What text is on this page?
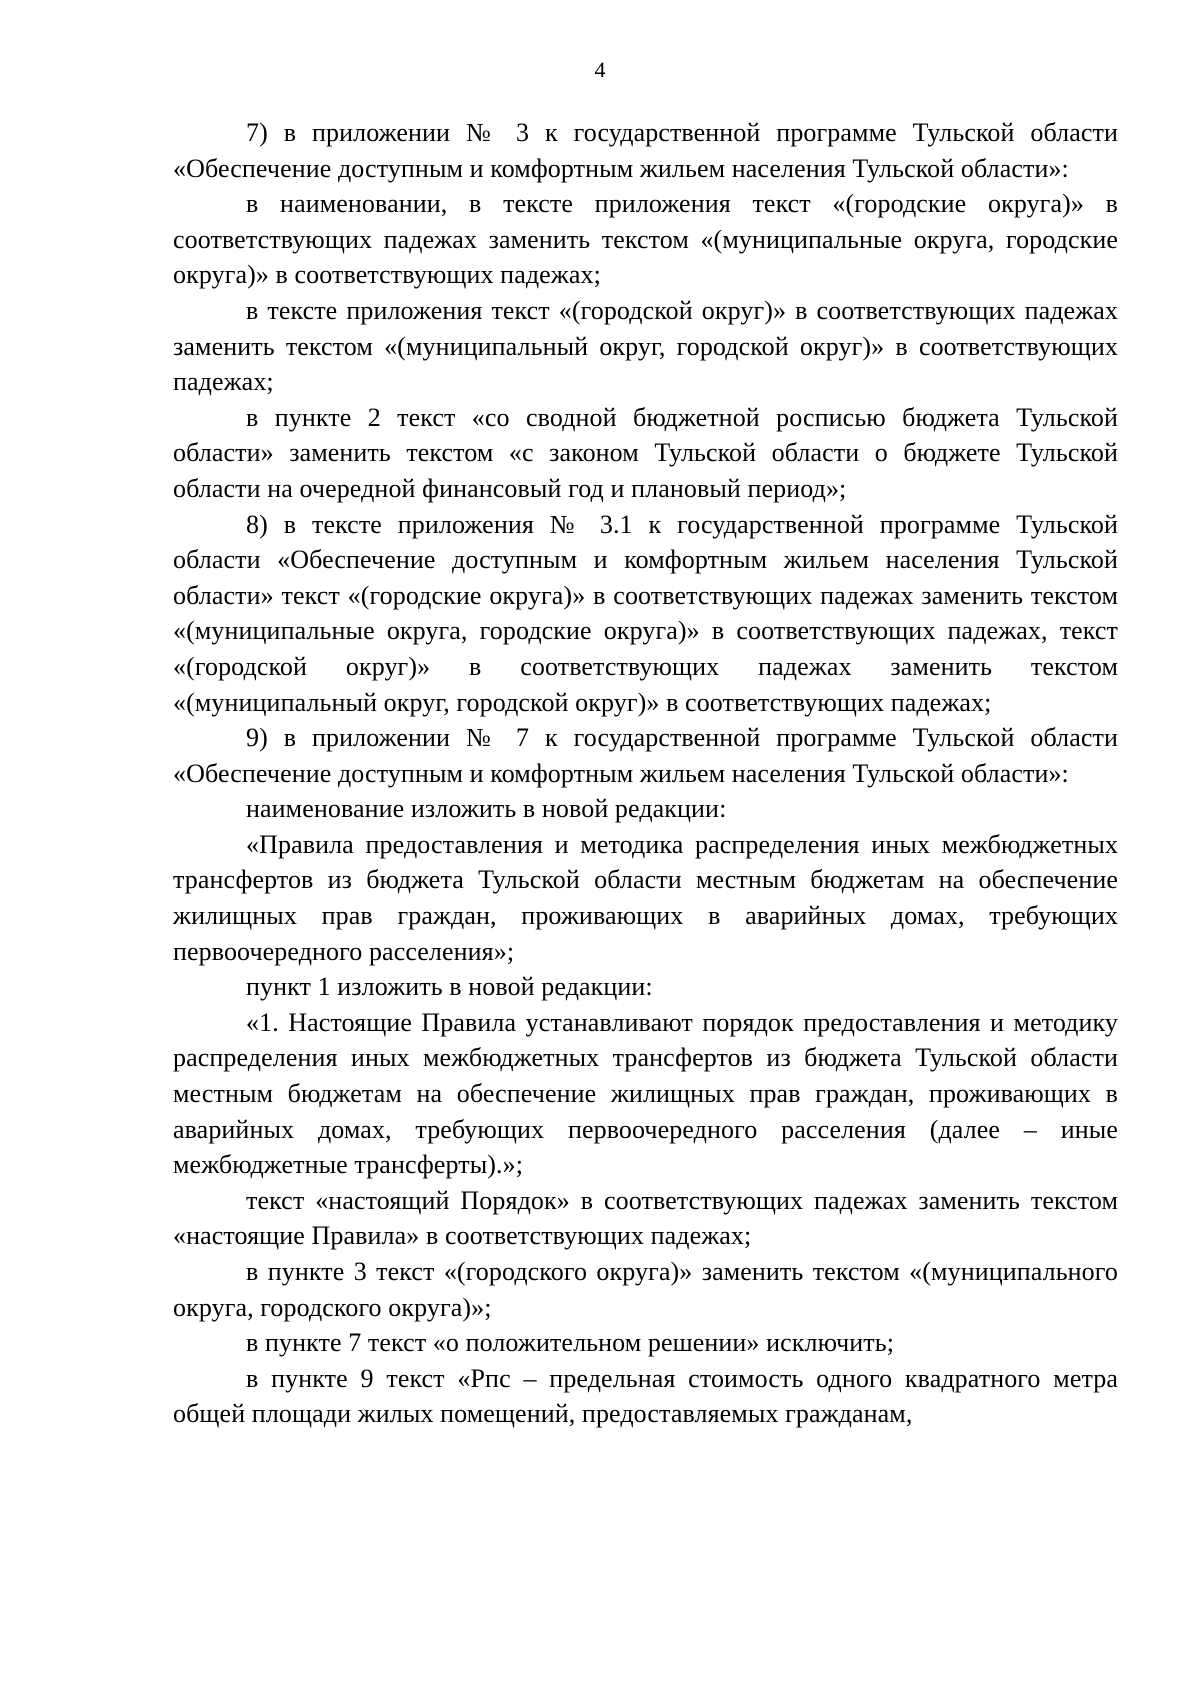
4

7) в приложении № 3 к государственной программе Тульской области «Обеспечение доступным и комфортным жильем населения Тульской области»:

в наименовании, в тексте приложения текст «(городские округа)» в соответствующих падежах заменить текстом «(муниципальные округа, городские округа)» в соответствующих падежах;

в тексте приложения текст «(городской округ)» в соответствующих падежах заменить текстом «(муниципальный округ, городской округ)» в соответствующих падежах;

в пункте 2 текст «со сводной бюджетной росписью бюджета Тульской области» заменить текстом «с законом Тульской области о бюджете Тульской области на очередной финансовый год и плановый период»;

8) в тексте приложения № 3.1 к государственной программе Тульской области «Обеспечение доступным и комфортным жильем населения Тульской области» текст «(городские округа)» в соответствующих падежах заменить текстом «(муниципальные округа, городские округа)» в соответствующих падежах, текст «(городской округ)» в соответствующих падежах заменить текстом «(муниципальный округ, городской округ)» в соответствующих падежах;

9) в приложении № 7 к государственной программе Тульской области «Обеспечение доступным и комфортным жильем населения Тульской области»:

наименование изложить в новой редакции:

«Правила предоставления и методика распределения иных межбюджетных трансфертов из бюджета Тульской области местным бюджетам на обеспечение жилищных прав граждан, проживающих в аварийных домах, требующих первоочередного расселения»;

пункт 1 изложить в новой редакции:

«1. Настоящие Правила устанавливают порядок предоставления и методику распределения иных межбюджетных трансфертов из бюджета Тульской области местным бюджетам на обеспечение жилищных прав граждан, проживающих в аварийных домах, требующих первоочередного расселения (далее – иные межбюджетные трансферты).»;

текст «настоящий Порядок» в соответствующих падежах заменить текстом «настоящие Правила» в соответствующих падежах;

в пункте 3 текст «(городского округа)» заменить текстом «(муниципального округа, городского округа)»;

в пункте 7 текст «о положительном решении» исключить;

в пункте 9 текст «Рпс – предельная стоимость одного квадратного метра общей площади жилых помещений, предоставляемых гражданам,
